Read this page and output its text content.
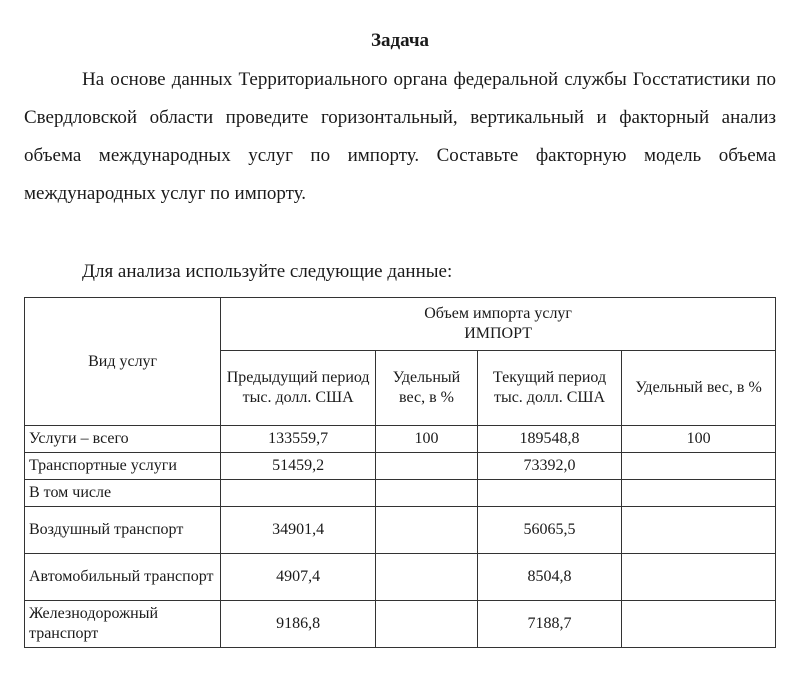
Задача
На основе данных Территориального органа федеральной службы Госстатистики по Свердловской области проведите горизонтальный, вертикальный и факторный анализ объема международных услуг по импорту. Составьте факторную модель объема международных услуг по импорту.
Для анализа используйте следующие данные:
Вид услуг	Объем импорта услуг
ИМПОРТ			

	Предыдущий период тыс. долл. США	Удельный вес, в %	Текущий период тыс. долл. США	Удельный вес, в %
Услуги – всего	133559,7	100	189548,8	100
Транспортные услуги	51459,2		73392,0	
В том числе				
Воздушный транспорт	34901,4		56065,5	
Автомобильный транспорт	4907,4		8504,8	
Железнодорожный транспорт	9186,8		7188,7	
